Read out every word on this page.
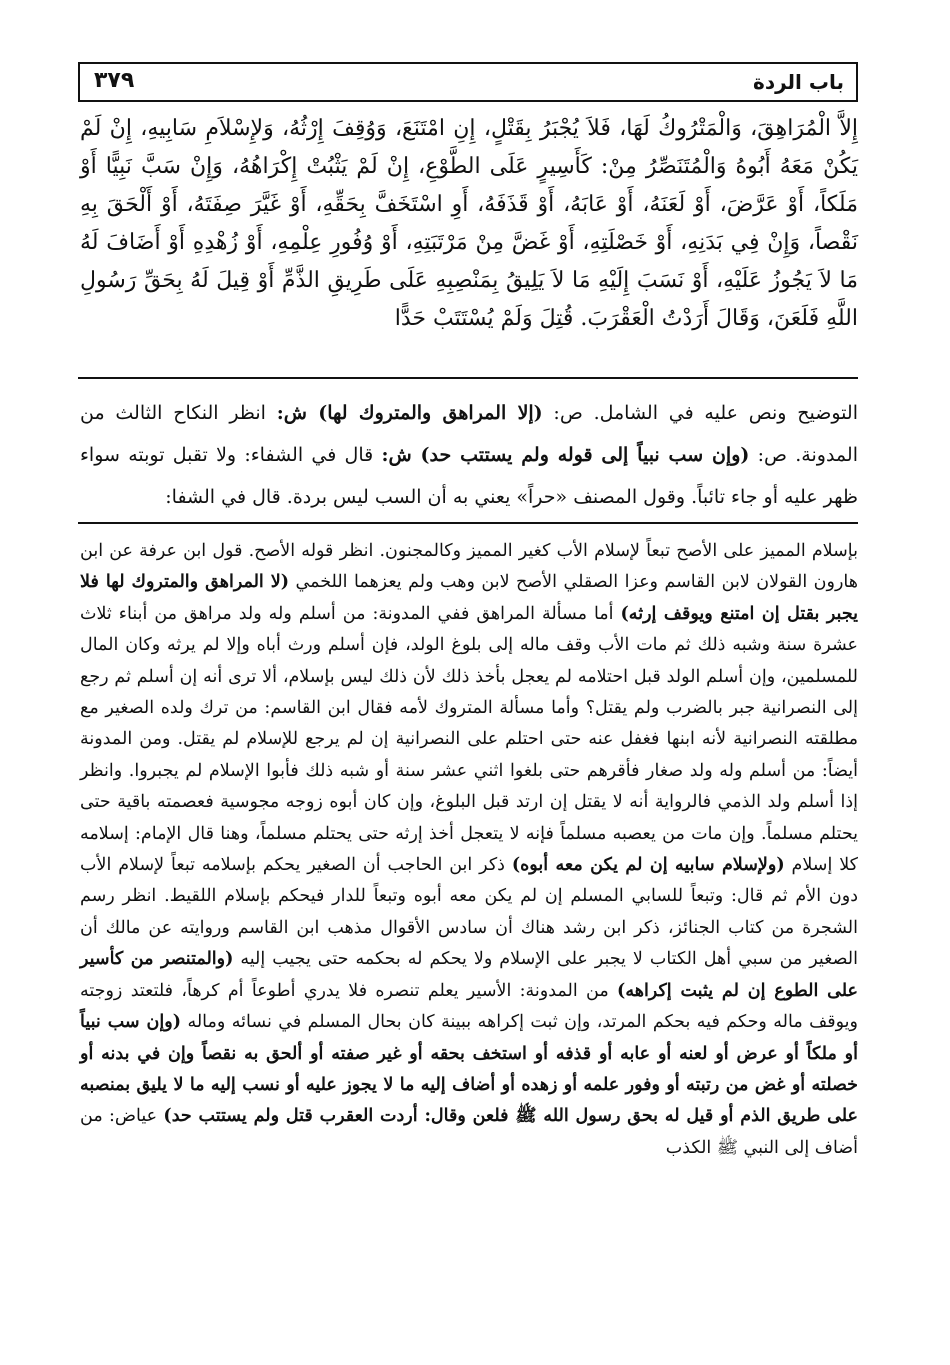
باب الردة
٣٧٩

إِلاَّ الْمُرَاهِقَ، وَالْمَتْرُوكُ لَهَا، فَلاَ يُجْبَرُ بِقَتْلٍ، إِنِ امْتَنَعَ، وَوُقِفَ إِرْثُهُ، وَلإِسْلاَمِ سَابِيهِ، إِنْ لَمْ يَكُنْ مَعَهُ أَبُوهُ وَالْمُتَنَصِّرُ مِنْ: كَأَسِيرٍ عَلَى الطَّوْعِ، إِنْ لَمْ يَثْبُتْ إِكْرَاهُهُ، وَإِنْ سَبَّ نَبِيًّا أَوْ مَلَكاً، أَوْ عَرَّضَ، أَوْ لَعَنَهُ، أَوْ عَابَهُ، أَوْ قَذَفَهُ، أَوِ اسْتَخَفَّ بِحَقِّهِ، أَوْ غَيَّرَ صِفَتَهُ، أَوْ أَلْحَقَ بِهِ نَقْصاً، وَإِنْ فِي بَدَنِهِ، أَوْ خَصْلَتِهِ، أَوْ غَضَّ مِنْ مَرْتَبَتِهِ، أَوْ وُفُورِ عِلْمِهِ، أَوْ زُهْدِهِ أَوْ أَضَافَ لَهُ مَا لاَ يَجُوزُ عَلَيْهِ، أَوْ نَسَبَ إِلَيْهِ مَا لاَ يَلِيقُ بِمَنْصِبِهِ عَلَى طَرِيقِ الذَّمِّ أَوْ قِيلَ لَهُ بِحَقِّ رَسُولِ اللَّهِ فَلَعَنَ، وَقَالَ أَرَدْتُ الْعَقْرَبَ. قُتِلَ وَلَمْ يُسْتَتَبْ حَدًّا

التوضيح ونص عليه في الشامل. ص: (إلا المراهق والمتروك لها) ش: انظر النكاح الثالث من المدونة. ص: (وإن سب نبياً إلى قوله ولم يستتب حد) ش: قال في الشفاء: ولا تقبل توبته سواء ظهر عليه أو جاء تائباً. وقول المصنف «حراً» يعني به أن السب ليس بردة. قال في الشفا:

بإسلام المميز على الأصح تبعاً لإسلام الأب كغير المميز وكالمجنون. انظر قوله الأصح. قول ابن عرفة عن ابن هارون القولان لابن القاسم وعزا الصقلي الأصح لابن وهب ولم يعزهما اللخمي (لا المراهق والمتروك لها فلا يجبر بقتل إن امتنع ويوقف إرثه) أما مسألة المراهق ففي المدونة: من أسلم وله ولد مراهق من أبناء ثلاث عشرة سنة وشبه ذلك ثم مات الأب وقف ماله إلى بلوغ الولد، فإن أسلم ورث أباه وإلا لم يرثه وكان المال للمسلمين، وإن أسلم الولد قبل احتلامه لم يعجل بأخذ ذلك لأن ذلك ليس بإسلام، ألا ترى أنه إن أسلم ثم رجع إلى النصرانية جبر بالضرب ولم يقتل؟ وأما مسألة المتروك لأمه فقال ابن القاسم: من ترك ولده الصغير مع مطلقته النصرانية لأنه ابنها فغفل عنه حتى احتلم على النصرانية إن لم يرجع للإسلام لم يقتل. ومن المدونة أيضاً: من أسلم وله ولد صغار فأقرهم حتى بلغوا اثني عشر سنة أو شبه ذلك فأبوا الإسلام لم يجبروا. وانظر إذا أسلم ولد الذمي فالرواية أنه لا يقتل إن ارتد قبل البلوغ، وإن كان أبوه زوجه مجوسية فعصمته باقية حتى يحتلم مسلماً. وإن مات من يعصبه مسلماً فإنه لا يتعجل أخذ إرثه حتى يحتلم مسلماً، وهنا قال الإمام: إسلامه كلا إسلام (ولإسلام سابيه إن لم يكن معه أبوه) ذكر ابن الحاجب أن الصغير يحكم بإسلامه تبعاً لإسلام الأب دون الأم ثم قال: وتبعاً للسابي المسلم إن لم يكن معه أبوه وتبعاً للدار فيحكم بإسلام اللقيط. انظر رسم الشجرة من كتاب الجنائز، ذكر ابن رشد هناك أن سادس الأقوال مذهب ابن القاسم وروايته عن مالك أن الصغير من سبي أهل الكتاب لا يجبر على الإسلام ولا يحكم له بحكمه حتى يجيب إليه (والمتنصر من كأسير على الطوع إن لم يثبت إكراهه) من المدونة: الأسير يعلم تنصره فلا يدري أطوعاً أم كرهاً، فلتعتد زوجته ويوقف ماله وحكم فيه بحكم المرتد، وإن ثبت إكراهه ببينة كان بحال المسلم في نسائه وماله (وإن سب نبياً أو ملكاً أو عرض أو لعنه أو عابه أو قذفه أو استخف بحقه أو غير صفته أو ألحق به نقصاً وإن في بدنه أو خصلته أو غض من رتبته أو وفور علمه أو زهده أو أضاف إليه ما لا يجوز عليه أو نسب إليه ما لا يليق بمنصبه على طريق الذم أو قيل له بحق رسول الله ﷺ فلعن وقال: أردت العقرب قتل ولم يستتب حد) عياض: من أضاف إلى النبي ﷺ الكذب
